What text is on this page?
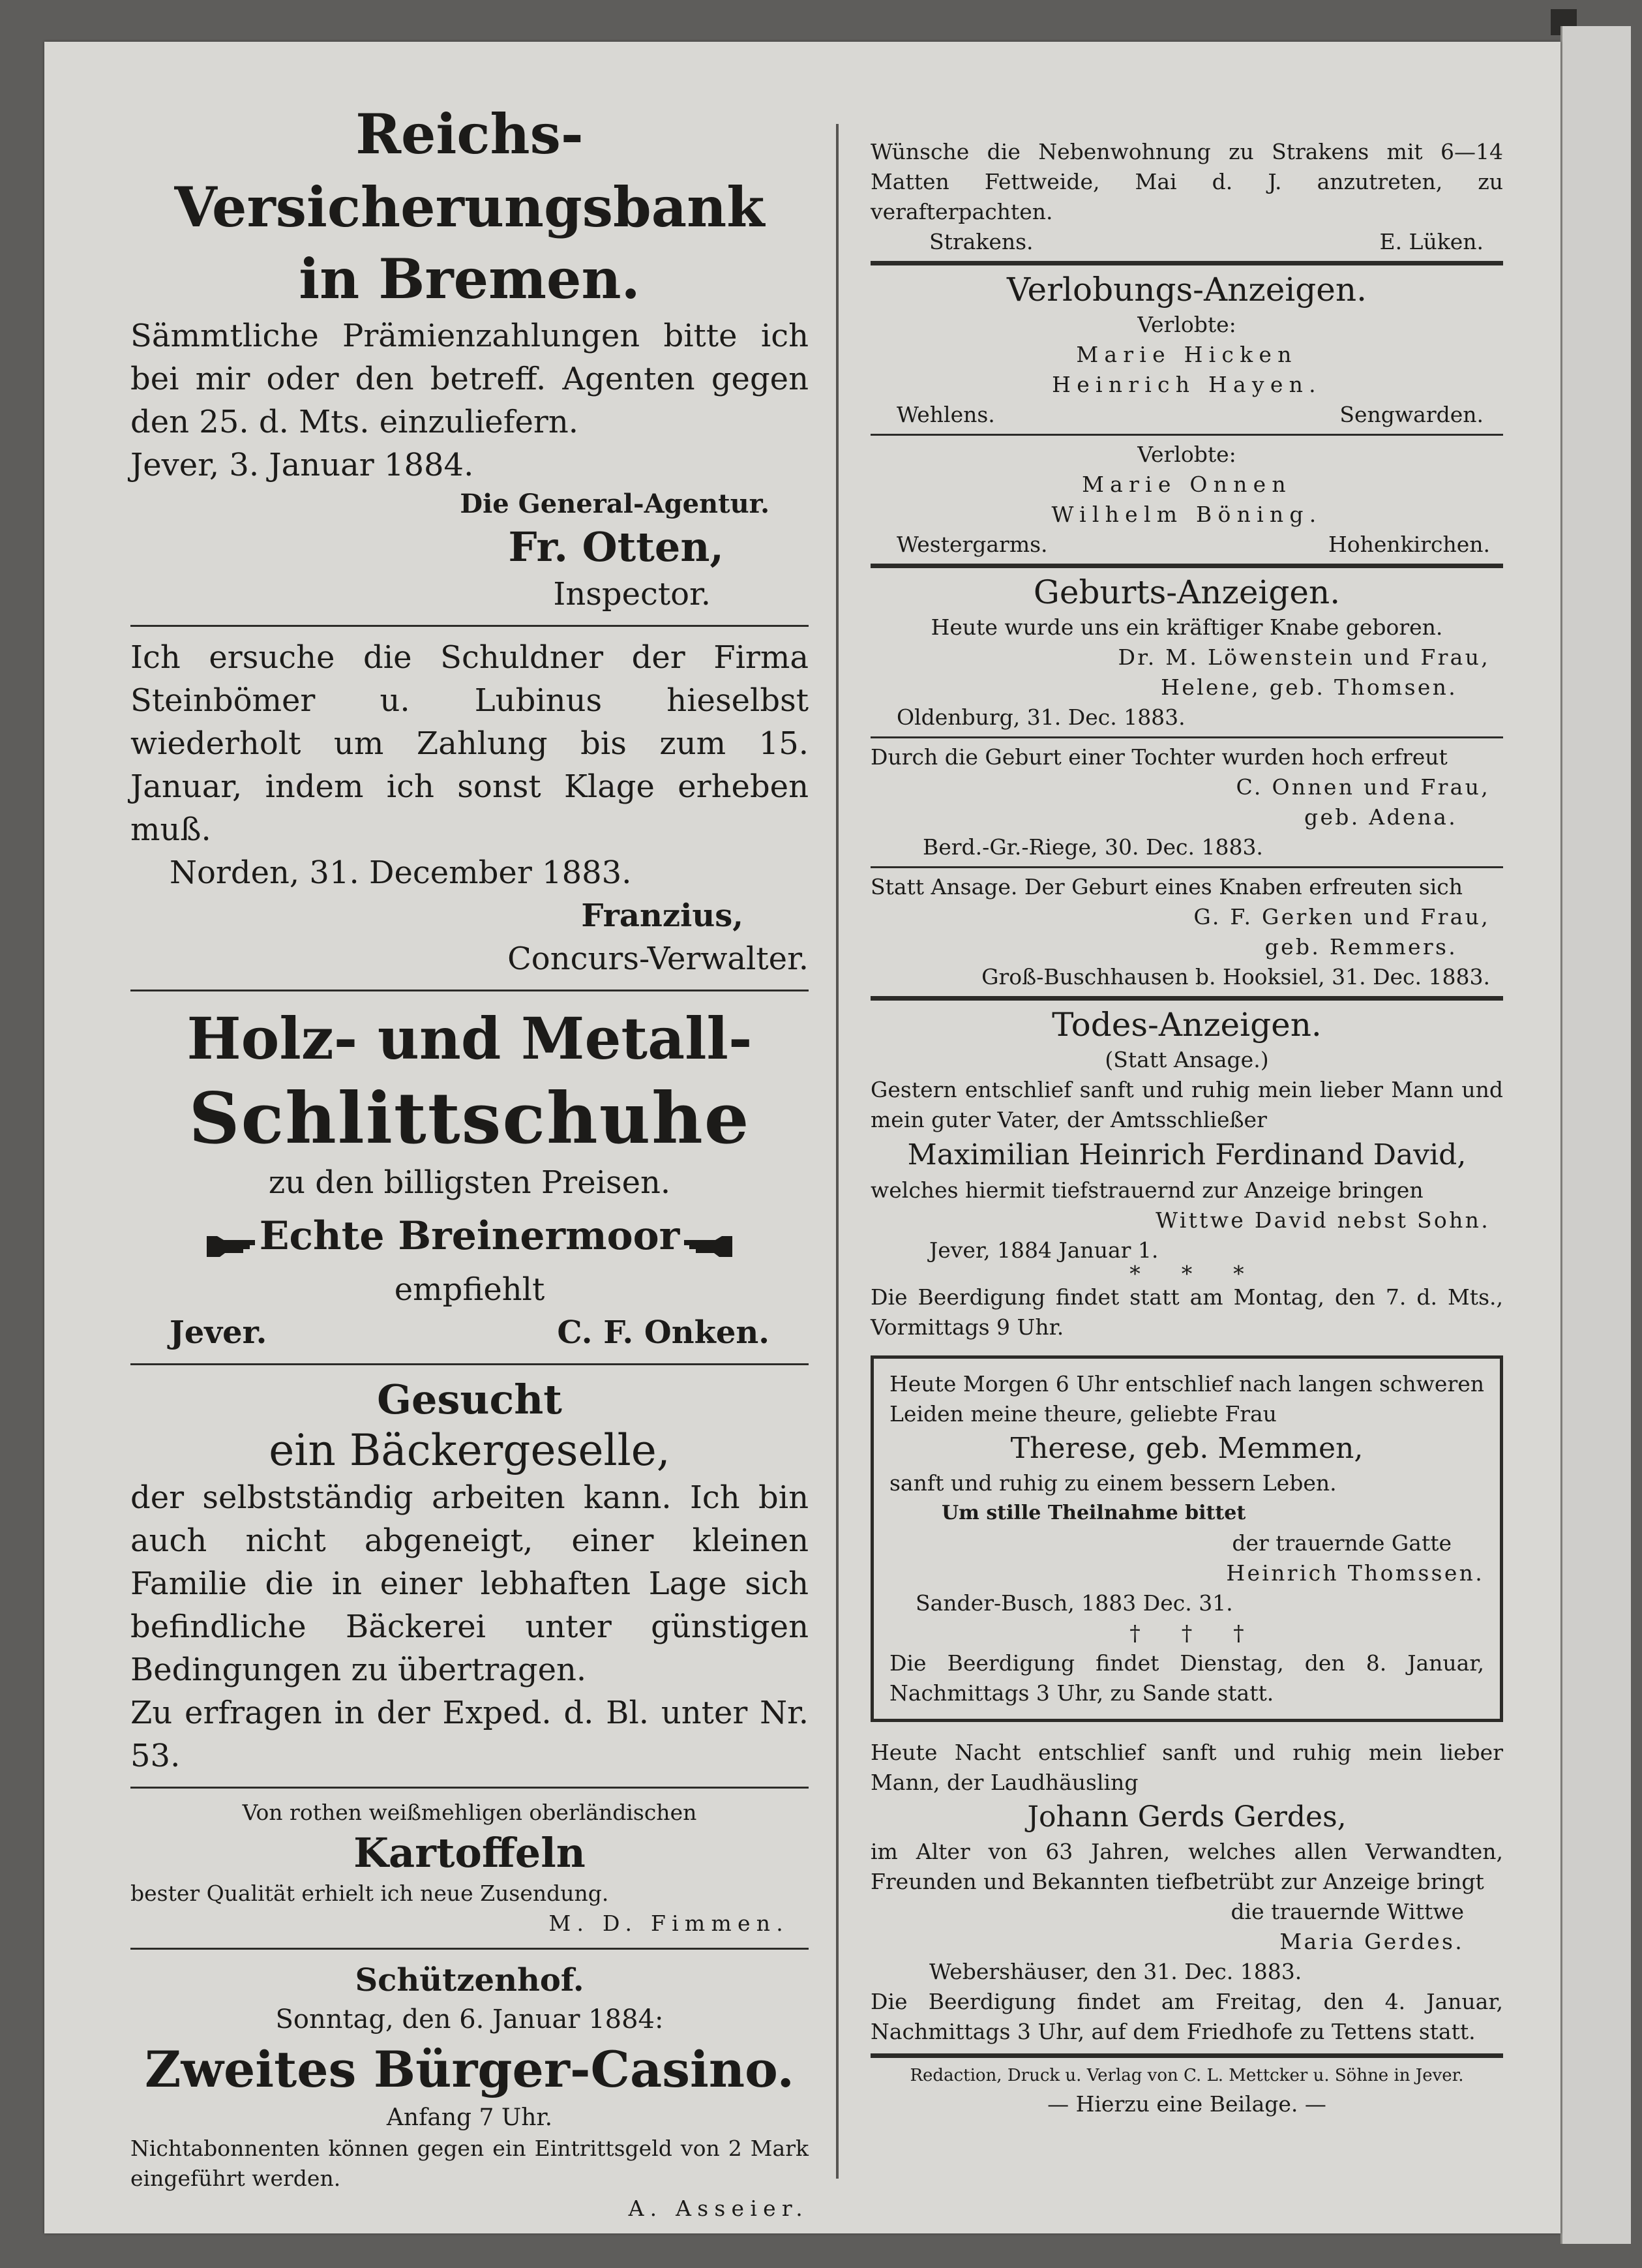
Reichs-Versicherungsbank
in Bremen.

Sämmtliche Prämienzahlungen bitte ich bei mir oder den betreff. Agenten gegen den 25. d. Mts. einzuliefern.

Jever, 3. Januar 1884.

Die General-Agentur.

Fr. Otten,

Inspector.

Ich ersuche die Schuldner der Firma Steinbömer u. Lubinus hieselbst wiederholt um Zahlung bis zum 15. Januar, indem ich sonst Klage erheben muß.

Norden, 31. December 1883.

Franzius,

Concurs-Verwalter.

Holz- und Metall-
Schlittschuhe

zu den billigsten Preisen.

Echte Breinermoor

empfiehlt

Jever.	C. F. Onken.
Gesucht
ein Bäckergeselle,

der selbstständig arbeiten kann. Ich bin auch nicht abgeneigt, einer kleinen Familie die in einer lebhaften Lage sich befindliche Bäckerei unter günstigen Bedingungen zu übertragen.

Zu erfragen in der Exped. d. Bl. unter Nr. 53.

Von rothen weißmehligen oberländischen

Kartoffeln

bester Qualität erhielt ich neue Zusendung.

M. D. Fimmen.

Schützenhof.

Sonntag, den 6. Januar 1884:

Zweites Bürger-Casino.

Anfang 7 Uhr.

Nichtabonnenten können gegen ein Eintrittsgeld von 2 Mark eingeführt werden.

A. Asseier.

Wünsche die Nebenwohnung zu Strakens mit 6—14 Matten Fettweide, Mai d. J. anzutreten, zu verafterpachten.

Strakens.	E. Lüken.
Verlobungs-Anzeigen.

Verlobte:

Marie Hicken

Heinrich Hayen.

Wehlens.	Sengwarden.

Verlobte:

Marie Onnen

Wilhelm Böning.

Westergarms.	Hohenkirchen.
Geburts-Anzeigen.

Heute wurde uns ein kräftiger Knabe geboren.

Dr. M. Löwenstein und Frau,

Helene, geb. Thomsen.

Oldenburg, 31. Dec. 1883.

Durch die Geburt einer Tochter wurden hoch erfreut

C. Onnen und Frau,

geb. Adena.

Berd.-Gr.-Riege, 30. Dec. 1883.

Statt Ansage. Der Geburt eines Knaben erfreuten sich

G. F. Gerken und Frau,

geb. Remmers.

Groß-Buschhausen b. Hooksiel, 31. Dec. 1883.

Todes-Anzeigen.

(Statt Ansage.)

Gestern entschlief sanft und ruhig mein lieber Mann und mein guter Vater, der Amtsschließer

Maximilian Heinrich Ferdinand David,

welches hiermit tiefstrauernd zur Anzeige bringen

Wittwe David nebst Sohn.

Jever, 1884 Januar 1.

*      *      *

Die Beerdigung findet statt am Montag, den 7. d. Mts., Vormittags 9 Uhr.

Heute Morgen 6 Uhr entschlief nach langen schweren Leiden meine theure, geliebte Frau

Therese, geb. Memmen,

sanft und ruhig zu einem bessern Leben.

Um stille Theilnahme bittet

der trauernde Gatte

Heinrich Thomssen.

Sander-Busch, 1883 Dec. 31.

†      †      †

Die Beerdigung findet Dienstag, den 8. Januar, Nachmittags 3 Uhr, zu Sande statt.

Heute Nacht entschlief sanft und ruhig mein lieber Mann, der Laudhäusling

Johann Gerds Gerdes,

im Alter von 63 Jahren, welches allen Verwandten, Freunden und Bekannten tiefbetrübt zur Anzeige bringt

die trauernde Wittwe

Maria Gerdes.

Webershäuser, den 31. Dec. 1883.

Die Beerdigung findet am Freitag, den 4. Januar, Nachmittags 3 Uhr, auf dem Friedhofe zu Tettens statt.

Redaction, Druck u. Verlag von C. L. Mettcker u. Söhne in Jever.

— Hierzu eine Beilage. —
